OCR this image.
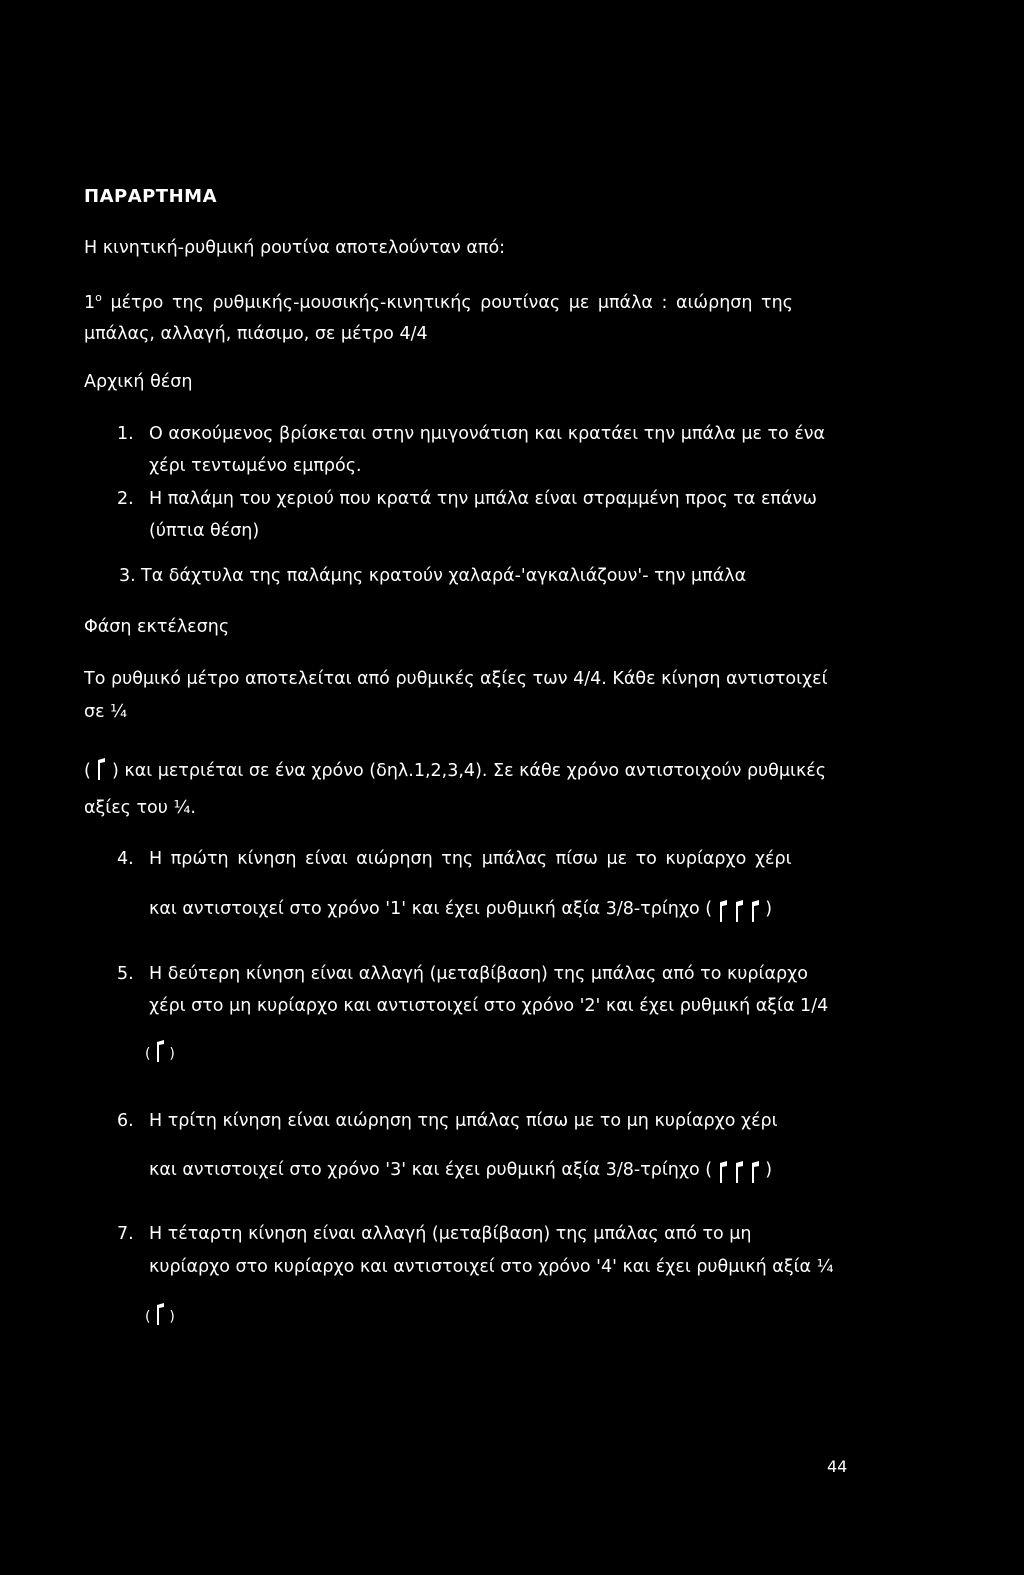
ΠΑΡΑΡΤΗΜΑ
Η κινητική-ρυθμική ρουτίνα αποτελούνταν από:
$1^o$ μέτρο της ρυθμικής-μουσικής-κινητικής ρουτίνας με μπάλα : αιώρηση της
μπάλας, αλλαγή, πιάσιμο, σε μέτρο 4/4
Αρχική θέση
1. Ο ασκούμενος βρίσκεται στην ημιγονάτιση και κρατάει την μπάλα με το ένα
χέρι τεντωμένο εμπρός.
2. Η παλάμη του χεριού που κρατά την μπάλα είναι στραμμένη προς τα επάνω
(ύπτια θέση)
3. Τα δάχτυλα της παλάμης κρατούν χαλαρά-'αγκαλιάζουν'- την μπάλα
Φάση εκτέλεσης
Το ρυθμικό μέτρο αποτελείται από ρυθμικές αξίες των 4/4. Κάθε κίνηση αντιστοιχεί
σε ¼
( ) και μετριέται σε ένα χρόνο (δηλ.1,2,3,4). Σε κάθε χρόνο αντιστοιχούν ρυθμικές
αξίες του ¼.
4. Η πρώτη κίνηση είναι αιώρηση της μπάλας πίσω με το κυρίαρχο χέρι
και αντιστοιχεί στο χρόνο '1' και έχει ρυθμική αξία 3/8-τρίηχο (	)
5. Η δεύτερη κίνηση είναι αλλαγή (μεταβίβαση) της μπάλας από το κυρίαρχο
χέρι στο μη κυρίαρχο και αντιστοιχεί στο χρόνο '2' και έχει ρυθμική αξία 1/4
( )
6. Η τρίτη κίνηση είναι αιώρηση της μπάλας πίσω με το μη κυρίαρχο χέρι
και αντιστοιχεί στο χρόνο '3' και έχει ρυθμική αξία 3/8-τρίηχο (	)
7. Η τέταρτη κίνηση είναι αλλαγή (μεταβίβαση) της μπάλας από το μη
κυρίαρχο στο κυρίαρχο και αντιστοιχεί στο χρόνο '4' και έχει ρυθμική αξία ¼
( )
44
